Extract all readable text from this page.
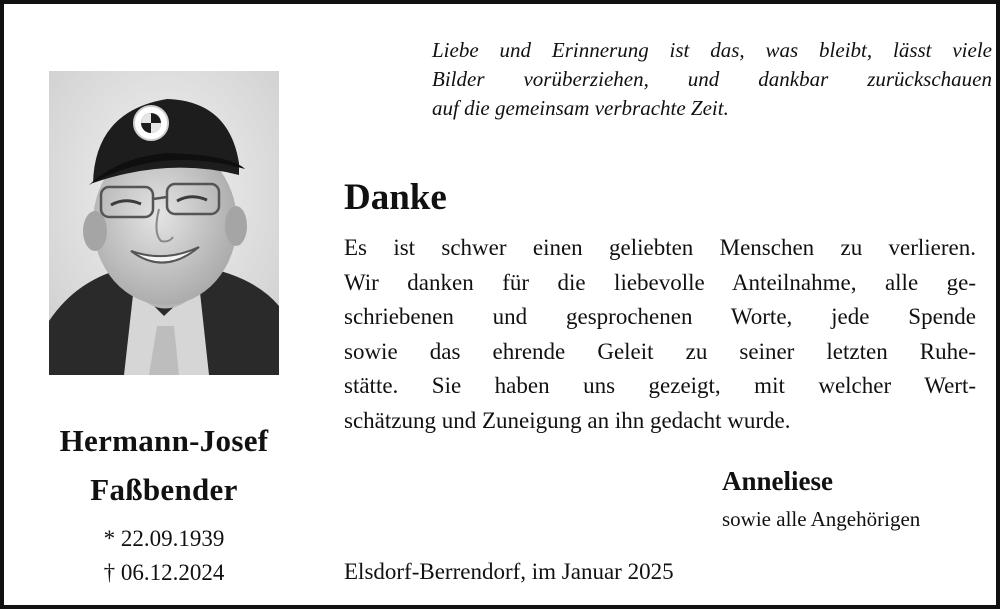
Hermann-Josef
Faßbender
* 22.09.1939
† 06.12.2024

Liebe und Erinnerung ist das, was bleibt, lässt viele
Bilder vorüberziehen, und dankbar zurückschauen
auf die gemeinsam verbrachte Zeit.

Danke

Es ist schwer einen geliebten Menschen zu verlieren.
Wir danken für die liebevolle Anteilnahme, alle ge-
schriebenen und gesprochenen Worte, jede Spende
sowie das ehrende Geleit zu seiner letzten Ruhe-
stätte. Sie haben uns gezeigt, mit welcher Wert-
schätzung und Zuneigung an ihn gedacht wurde.

Anneliese

sowie alle Angehörigen

Elsdorf-Berrendorf, im Januar 2025
